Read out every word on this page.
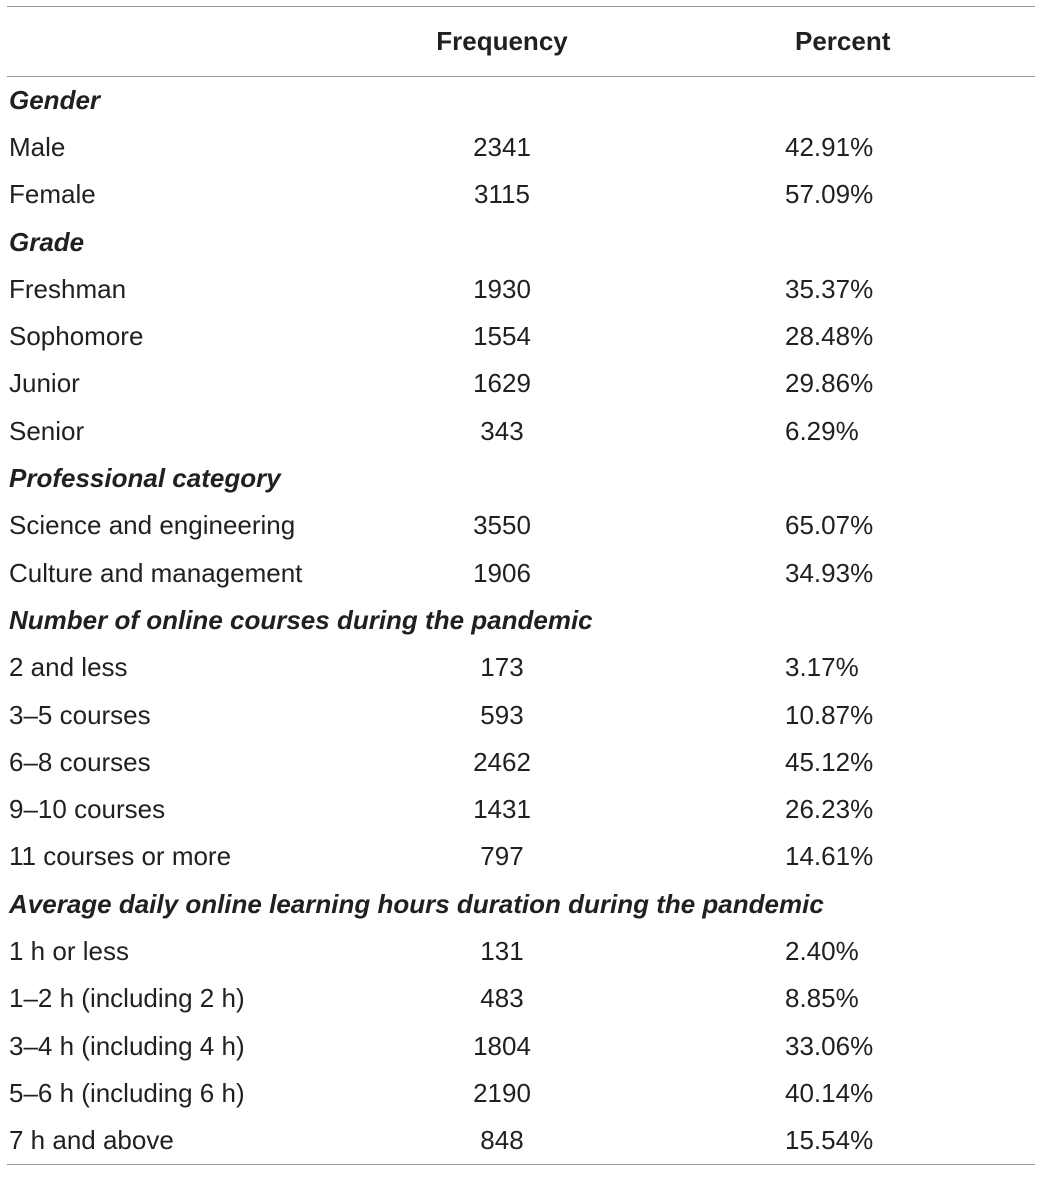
	Frequency	Percent
Gender		
Male	2341	42.91%
Female	3115	57.09%
Grade		
Freshman	1930	35.37%
Sophomore	1554	28.48%
Junior	1629	29.86%
Senior	343	6.29%
Professional category		
Science and engineering	3550	65.07%
Culture and management	1906	34.93%
Number of online courses during the pandemic		
2 and less	173	3.17%
3–5 courses	593	10.87%
6–8 courses	2462	45.12%
9–10 courses	1431	26.23%
11 courses or more	797	14.61%
Average daily online learning hours duration during the pandemic		
1 h or less	131	2.40%
1–2 h (including 2 h)	483	8.85%
3–4 h (including 4 h)	1804	33.06%
5–6 h (including 6 h)	2190	40.14%
7 h and above	848	15.54%
